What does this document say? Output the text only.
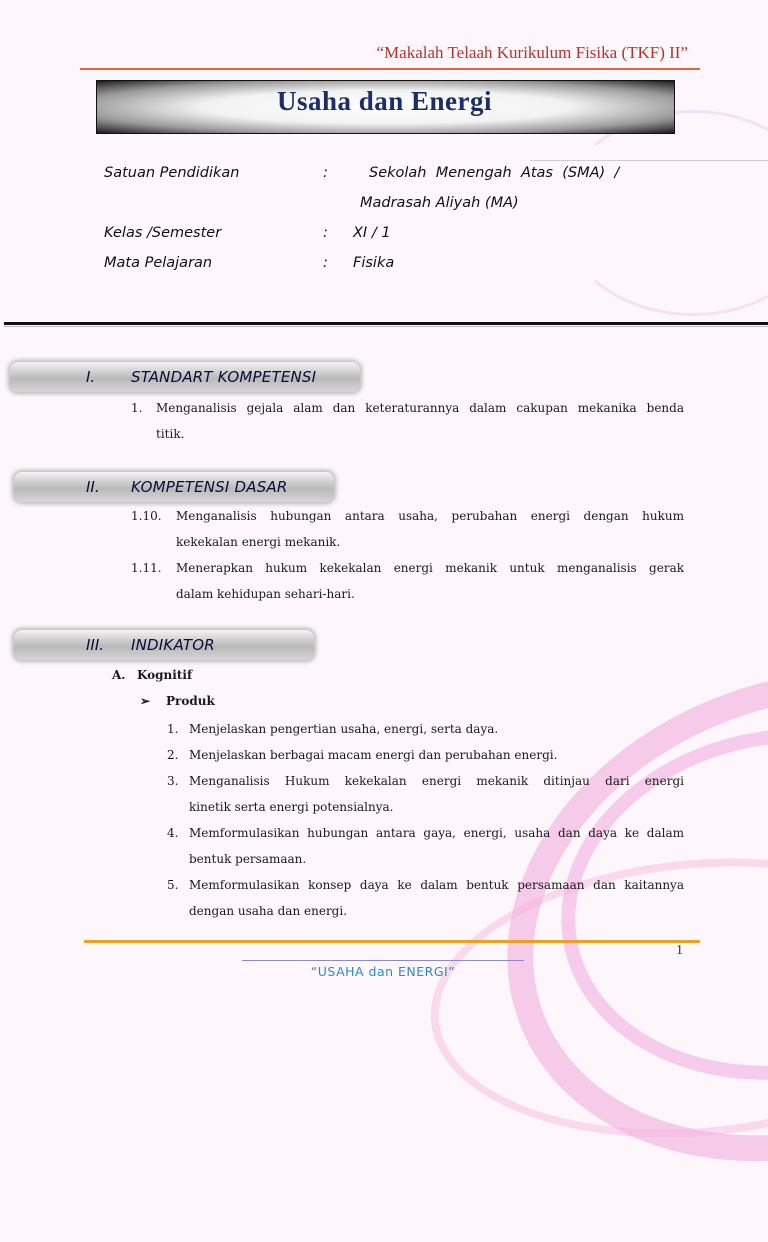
“Makalah Telaah Kurikulum Fisika (TKF) II”
Usaha dan Energi
Satuan Pendidikan	:	Sekolah  Menengah  Atas  (SMA)  /
Madrasah Aliyah (MA)
Kelas /Semester	: XI / 1
Mata Pelajaran	: Fisika
I. STANDART KOMPETENSI
1. Menganalisis gejala alam dan keteraturannya dalam cakupan mekanika benda
titik.
II. KOMPETENSI DASAR
1.10. Menganalisis hubungan antara usaha, perubahan energi dengan hukum
kekekalan energi mekanik.
1.11. Menerapkan hukum kekekalan energi mekanik untuk menganalisis gerak
dalam kehidupan sehari-hari.
III. INDIKATOR
A. Kognitif
➢ Produk
1. Menjelaskan pengertian usaha, energi, serta daya.
2. Menjelaskan berbagai macam energi dan perubahan energi.
3. Menganalisis Hukum kekekalan energi mekanik ditinjau dari energi
kinetik serta energi potensialnya.
4. Memformulasikan hubungan antara gaya, energi, usaha dan daya ke dalam
bentuk persamaan.
5. Memformulasikan konsep daya ke dalam bentuk persamaan dan kaitannya
dengan usaha dan energi.
1
“USAHA dan ENERGI”
